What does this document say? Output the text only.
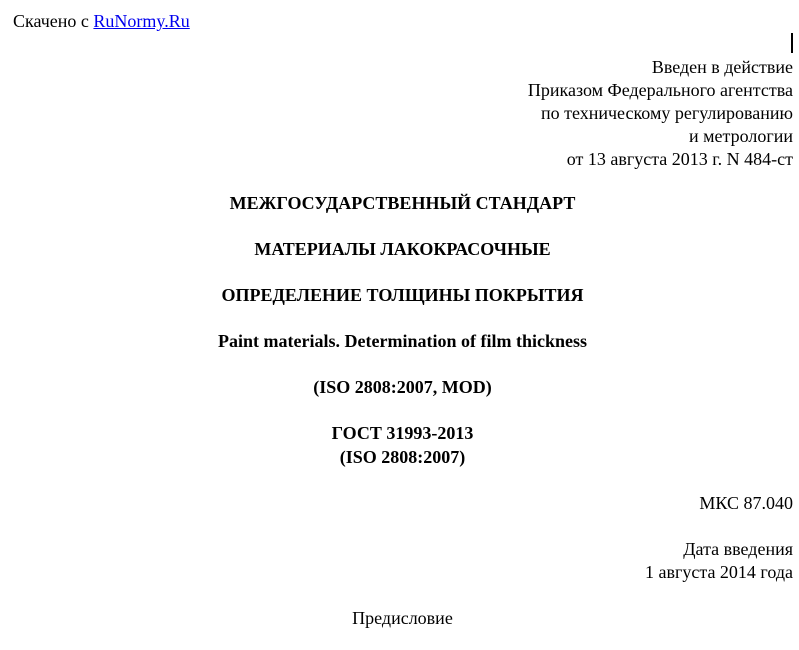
Скачено с RuNormy.Ru
Введен в действие
Приказом Федерального агентства
по техническому регулированию
и метрологии
от 13 августа 2013 г. N 484-ст
МЕЖГОСУДАРСТВЕННЫЙ СТАНДАРТ
МАТЕРИАЛЫ ЛАКОКРАСОЧНЫЕ
ОПРЕДЕЛЕНИЕ ТОЛЩИНЫ ПОКРЫТИЯ
Paint materials. Determination of film thickness
(ISO 2808:2007, MOD)
ГОСТ 31993-2013
(ISO 2808:2007)
МКС 87.040
Дата введения
1 августа 2014 года
Предисловие
